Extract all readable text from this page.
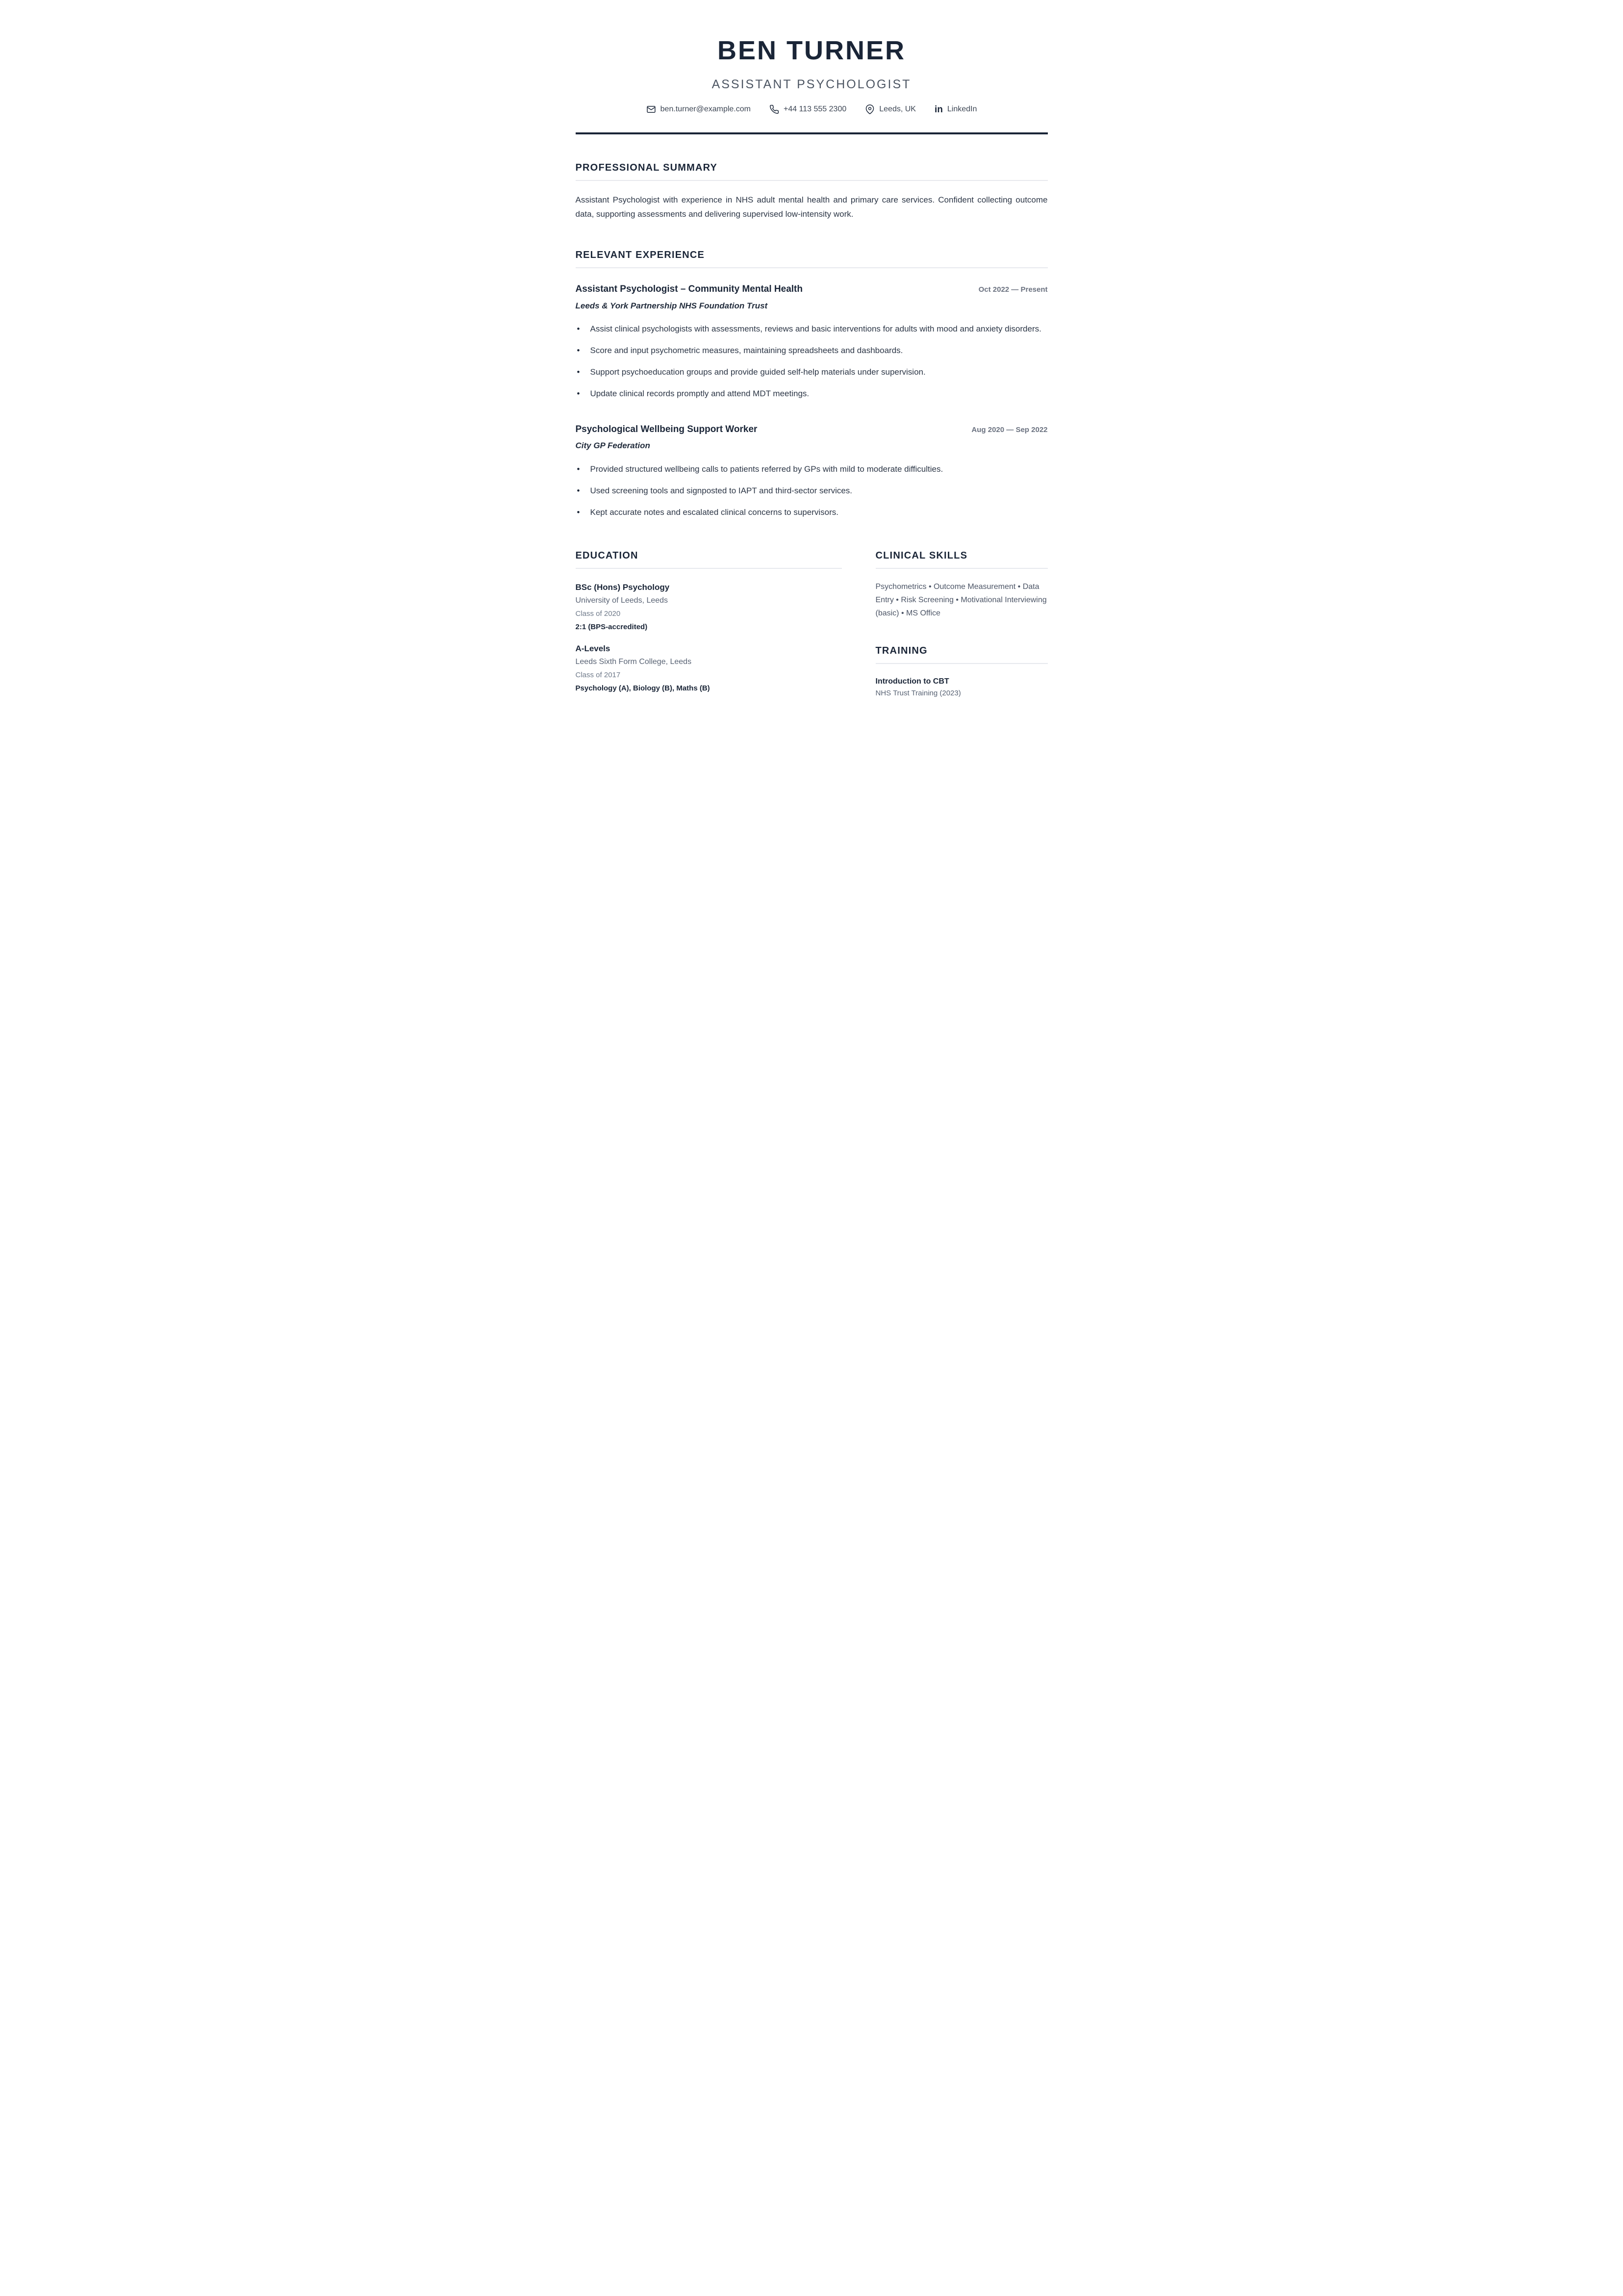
BEN TURNER
ASSISTANT PSYCHOLOGIST
ben.turner@example.com	+44 113 555 2300	Leeds, UK in LinkedIn
PROFESSIONAL SUMMARY

Assistant Psychologist with experience in NHS adult mental health and primary care services. Confident collecting outcome data, supporting assessments and delivering supervised low-intensity work.

RELEVANT EXPERIENCE
Assistant Psychologist – Community Mental Health	Oct 2022 — Present
Leeds & York Partnership NHS Foundation Trust
• Assist clinical psychologists with assessments, reviews and basic interventions for adults with mood and anxiety disorders.
• Score and input psychometric measures, maintaining spreadsheets and dashboards.
• Support psychoeducation groups and provide guided self-help materials under supervision.
• Update clinical records promptly and attend MDT meetings.
Psychological Wellbeing Support Worker	Aug 2020 — Sep 2022
City GP Federation
• Provided structured wellbeing calls to patients referred by GPs with mild to moderate difficulties.
• Used screening tools and signposted to IAPT and third-sector services.
• Kept accurate notes and escalated clinical concerns to supervisors.
EDUCATION
BSc (Hons) Psychology
University of Leeds, Leeds
Class of 2020
2:1 (BPS-accredited)
A-Levels
Leeds Sixth Form College, Leeds
Class of 2017
Psychology (A), Biology (B), Maths (B)
CLINICAL SKILLS

Psychometrics • Outcome Measurement • Data Entry • Risk Screening • Motivational Interviewing (basic) • MS Office

TRAINING
Introduction to CBT
NHS Trust Training (2023)
